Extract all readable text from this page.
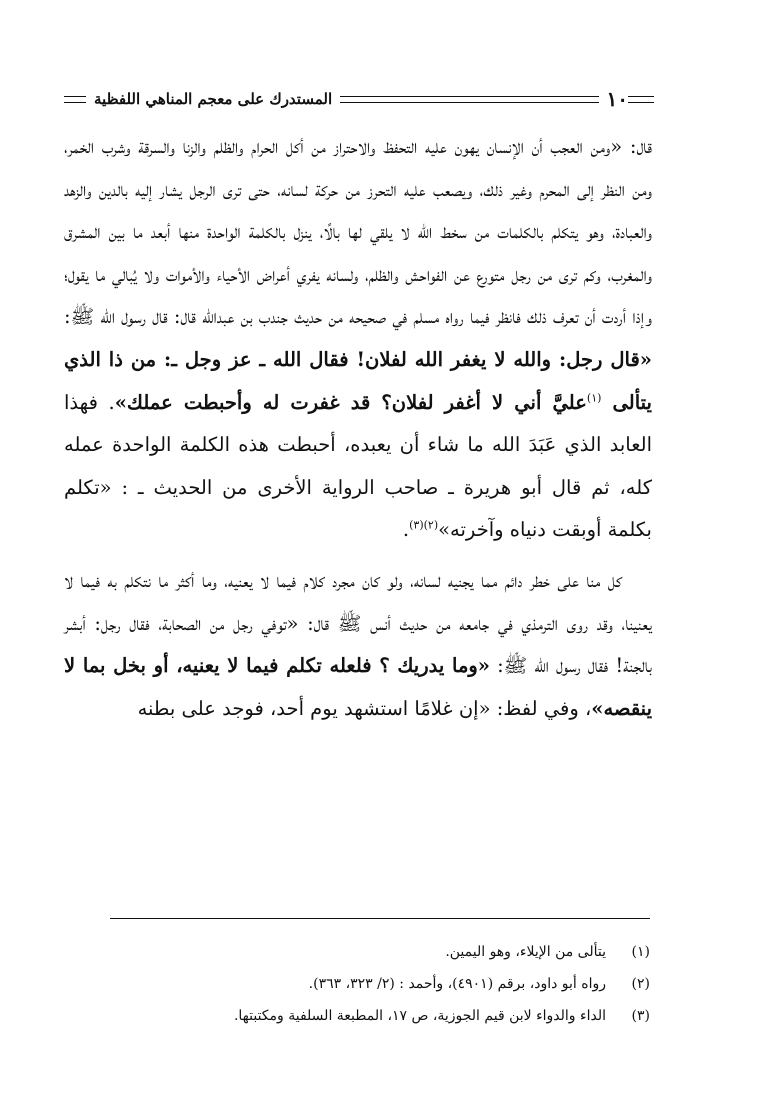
١٠
المستدرك على معجم المناهي اللفظية

قال: «ومن العجب أن الإنسان يهون عليه التحفظ والاحتراز من أكل الحرام والظلم والزنا والسرقة وشرب الخمر، ومن النظر إلى المحرم وغير ذلك، ويصعب عليه التحرز من حركة لسانه، حتى ترى الرجل يشار إليه بالدين والزهد والعبادة، وهو يتكلم بالكلمات من سخط الله لا يلقي لها بالًا، ينزل بالكلمة الواحدة منها أبعد ما بين المشرق والمغرب، وكم ترى من رجل متورع عن الفواحش والظلم، ولسانه يفري أعراض الأحياء والأموات ولا يُبالي ما يقول؛ وإذا أردت أن تعرف ذلك فانظر فيما رواه مسلم في صحيحه من حديث جندب بن عبدالله قال: قال رسول الله ﷺ: «قال رجل: والله لا يغفر الله لفلان! فقال الله ـ عز وجل ـ: من ذا الذي يتألى $^{(١)}$عليَّ أني لا أغفر لفلان؟ قد غفرت له وأحبطت عملك». فهذا العابد الذي عَبَدَ الله ما شاء أن يعبده، أحبطت هذه الكلمة الواحدة عمله كله، ثم قال أبو هريرة ـ صاحب الرواية الأخرى من الحديث ـ : «تكلم بكلمة أوبقت دنياه وآخرته»$^{(٢)(٣)}$.

كل منا على خطر دائم مما يجنيه لسانه، ولو كان مجرد كلام فيما لا يعنيه، وما أكثر ما نتكلم به فيما لا يعنينا، وقد روى الترمذي في جامعه من حديث أنس ﷺ قال: «توفي رجل من الصحابة، فقال رجل: أبشر بالجنة! فقال رسول الله ﷺ: «وما يدريك ؟ فلعله تكلم فيما لا يعنيه، أو بخل بما لا ينقصه»، وفي لفظ: «إن غلامًا استشهد يوم أحد، فوجد على بطنه

(١)
يتألى من الإيلاء، وهو اليمين.
(٢)
رواه أبو داود، برقم (٤٩٠١)، وأحمد : (٢/ ٣٢٣، ٣٦٣).
(٣)
الداء والدواء لابن قيم الجوزية، ص ١٧، المطبعة السلفية ومكتبتها.
